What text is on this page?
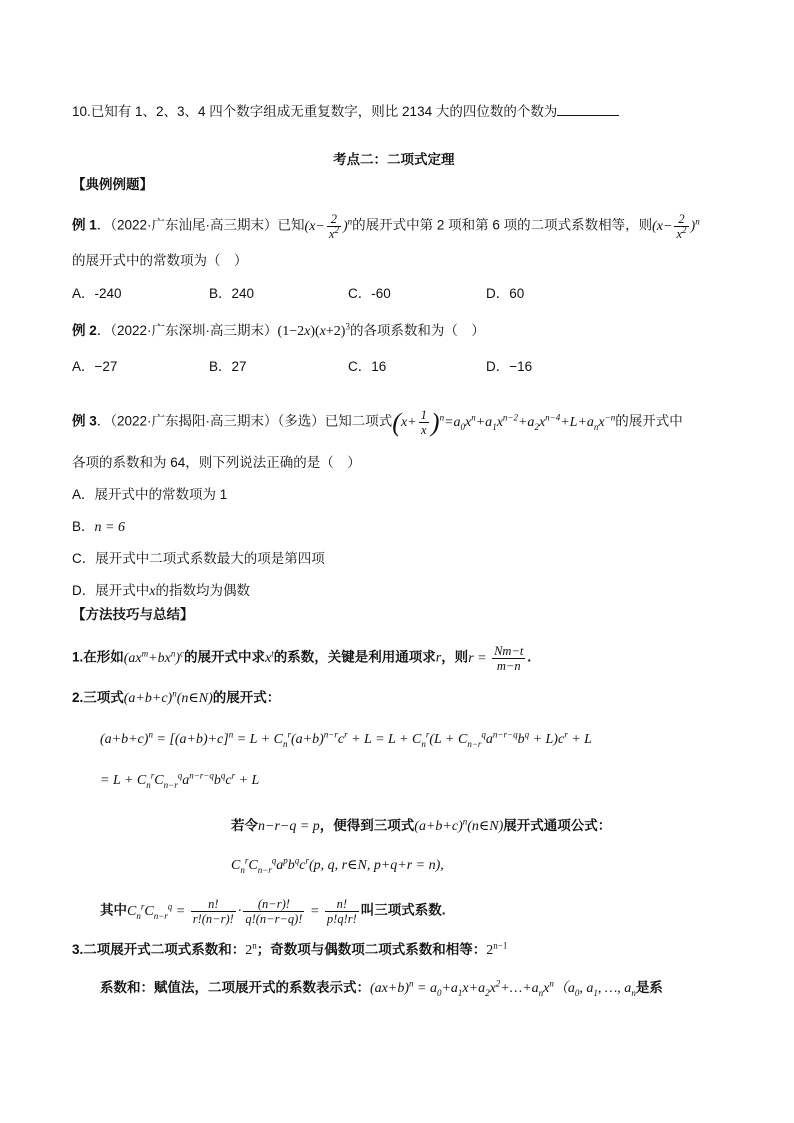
10.已知有 1、2、3、4 四个数字组成无重复数字，则比 2134 大的四位数的个数为
考点二：二项式定理
【典例例题】
例 1．（2022·广东汕尾·高三期末）已知$(x- \frac{2}{x^2} )^n$的展开式中第 2 项和第 6 项的二项式系数相等，则$(x- \frac{2}{x^2} )^n$
的展开式中的常数项为（　）
A．-240	B．240	C．-60	D．60
例 2．（2022·广东深圳·高三期末）$(1-2x)(x+2)^3$的各项系数和为（　）
A．−27	B．27	C．16	D．−16
例 3．（2022·广东揭阳·高三期末）（多选）已知二项式$(x+ \frac{1}{x} )^n=a_0x^n+a_1x^{n-2}+a_2x^{n-4}+L+a_nx^{-n}$的展开式中
各项的系数和为 64，则下列说法正确的是（　）
A．展开式中的常数项为 1
B．n = 6
C．展开式中二项式系数最大的项是第四项
D．展开式中x的指数均为偶数
【方法技巧与总结】
1.在形如$(ax^m+bx^n)^c$的展开式中求$x^t$的系数，关键是利用通项求r，则$r = \frac{Nm-t}{m-n}$ .
2.三项式$(a+b+c)^n(n\in N)$的展开式：
$(a+b+c)^n = [(a+b)+c]^n = L + C_n^r(a+b)^{n-r}c^r + L = L + C_n^r(L + C_{n-r}^qa^{n-r-q}b^q + L)c^r + L$
= $L + C_n^rC_{n-r}^qa^{n-r-q}b^qc^r + L$
若令n−r−q = p，便得到三项式$(a+b+c)^n(n\in N)$展开式通项公式：
$C_n^rC_{n-r}^qa^pb^qc^r(p$, q, r∈N, p+q+r = n),
其中$C_n^rC_{n-r}^q = \frac{n!}{r!(n-r)!} \cdot \frac{(n-r)!}{q!(n-r-q)!} = \frac{n!}{p!q!r!}$ 叫三项式系数.
3.二项展开式二项式系数和：2$^n$；奇数项与偶数项二项式系数和相等：$2^{n-1}$
系数和：赋值法，二项展开式的系数表示式：$(ax+b)^n$ = $a_0+a_1x+a_2x^2+\dots+a_nx^n(a_0$, $a_1$, …, $a_n$是系
